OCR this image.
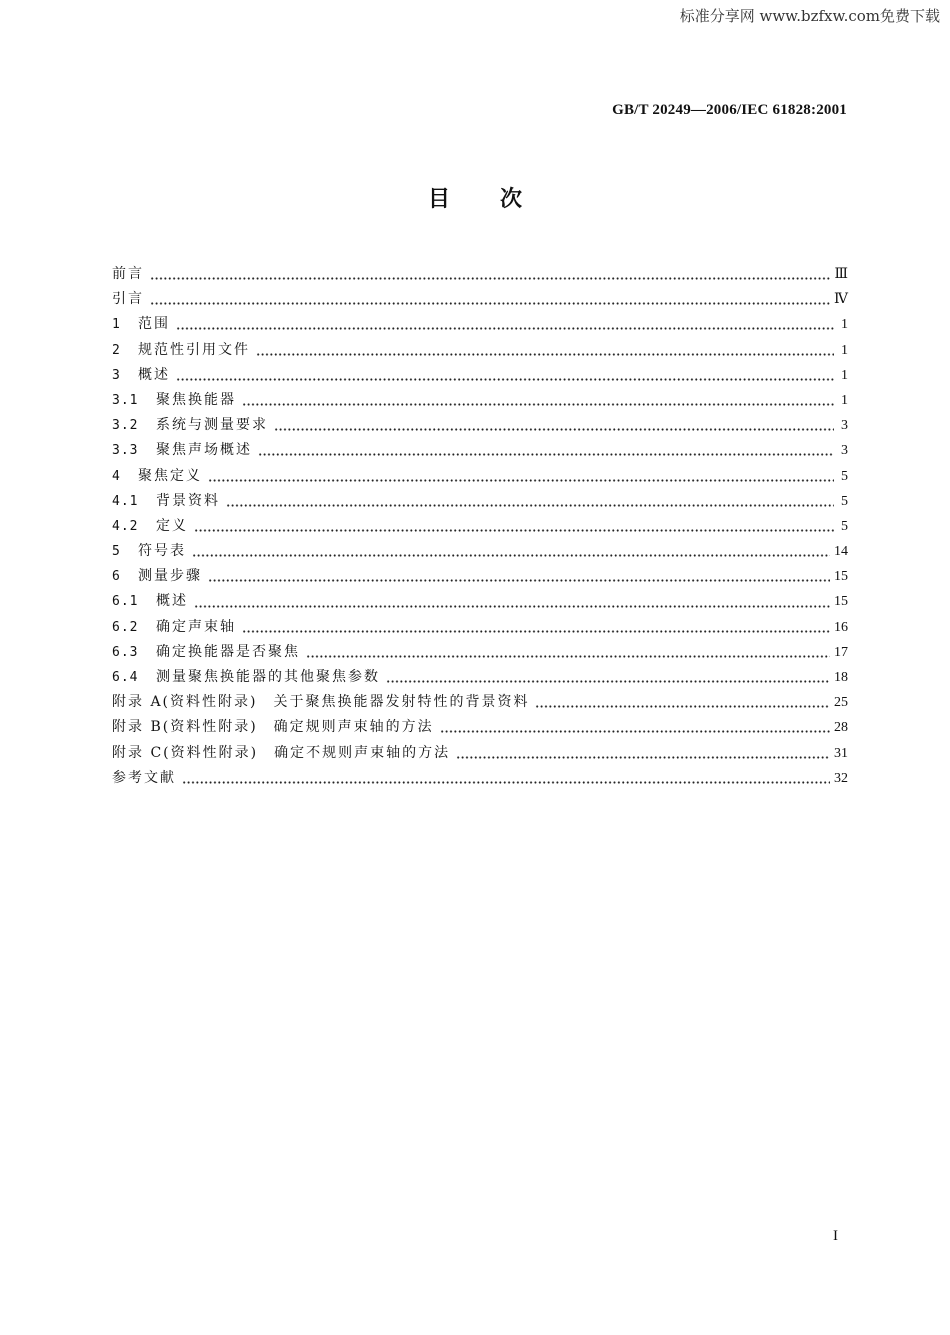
标准分享网 www.bzfxw.com免费下载
GB/T 20249—2006/IEC 61828:2001
目次
前言	Ⅲ
引言	Ⅳ
1	范围	1
2	规范性引用文件	1
3	概述	1
3.1	聚焦换能器	1
3.2	系统与测量要求	3
3.3	聚焦声场概述	3
4	聚焦定义	5
4.1	背景资料	5
4.2	定义	5
5	符号表	14
6	测量步骤	15
6.1	概述	15
6.2	确定声束轴	16
6.3	确定换能器是否聚焦	17
6.4	测量聚焦换能器的其他聚焦参数	18
附录 A(资料性附录)　关于聚焦换能器发射特性的背景资料	25
附录 B(资料性附录)　确定规则声束轴的方法	28
附录 C(资料性附录)　确定不规则声束轴的方法	31
参考文献	32
I
